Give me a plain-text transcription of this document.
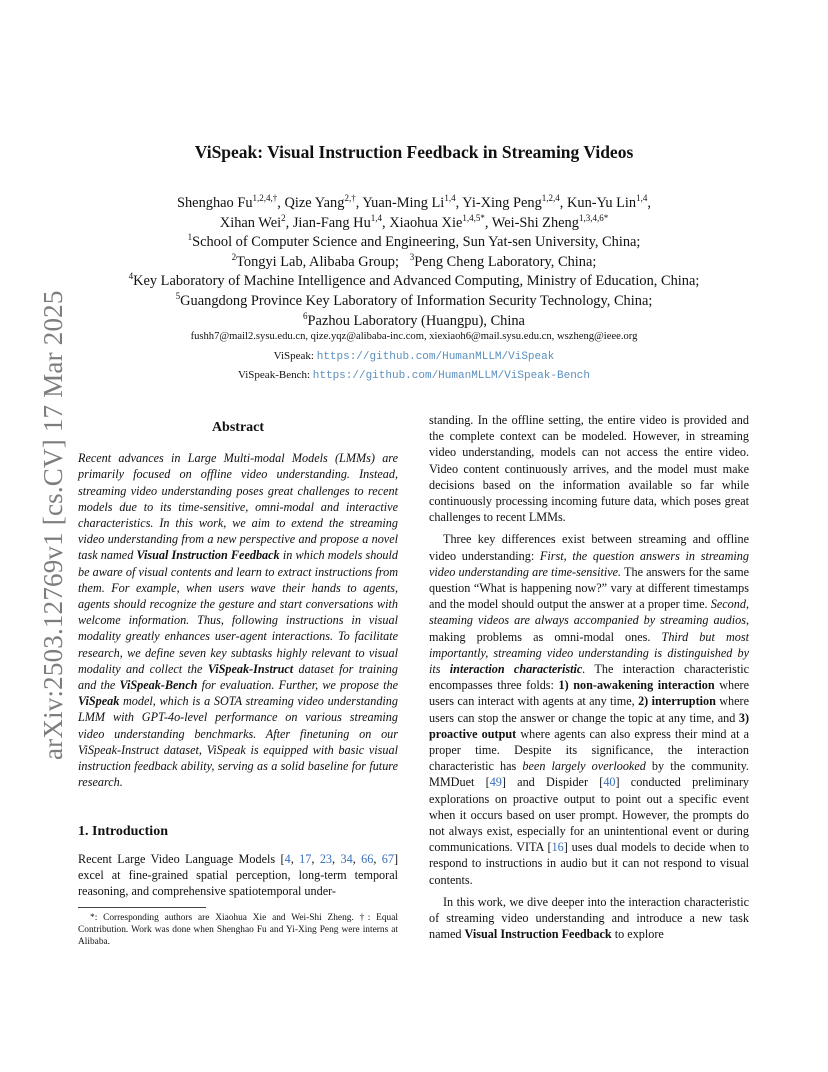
arXiv:2503.12769v1 [cs.CV] 17 Mar 2025
ViSpeak: Visual Instruction Feedback in Streaming Videos

Shenghao $Fu^{1,2,4,\dagger}$, Qize Yang$^{2,\dagger}$, Yuan-Ming Li$^{1,4}$, Yi-Xing Peng$^{1,2,4}$, Kun-Yu Lin$^{1,4}$,

Xihan Wei$^2$, Jian-Fang Hu$^{1,4}$, Xiaohua Xie$^{1,4,5*}$, Wei-Shi Zheng$^{1,3,4,6*}$

$^1$School of Computer Science and Engineering, Sun Yat-sen University, China;

$^2$Tongyi Lab, Alibaba Group;   $^3$Peng Cheng Laboratory, China;

$^4$Key Laboratory of Machine Intelligence and Advanced Computing, Ministry of Education, China;

$^5$Guangdong Province Key Laboratory of Information Security Technology, China;

$^6$Pazhou Laboratory (Huangpu), China

fushh7@mail2.sysu.edu.cn, qize.yqz@alibaba-inc.com, xiexiaoh6@mail.sysu.edu.cn, wszheng@ieee.org
ViSpeak: https://github.com/HumanMLLM/ViSpeak
ViSpeak-Bench: https://github.com/HumanMLLM/ViSpeak-Bench
Abstract

Recent advances in Large Multi-modal Models (LMMs) are primarily focused on offline video understanding. Instead, streaming video understanding poses great challenges to recent models due to its time-sensitive, omni-modal and interactive characteristics. In this work, we aim to extend the streaming video understanding from a new perspective and propose a novel task named Visual Instruction Feedback in which models should be aware of visual contents and learn to extract instructions from them. For example, when users wave their hands to agents, agents should recognize the gesture and start conversations with welcome information. Thus, following instructions in visual modality greatly enhances user-agent interactions. To facilitate research, we define seven key subtasks highly relevant to visual modality and collect the ViSpeak-Instruct dataset for training and the ViSpeak-Bench for evaluation. Further, we propose the ViSpeak model, which is a SOTA streaming video understanding LMM with GPT-4o-level performance on various streaming video understanding benchmarks. After finetuning on our ViSpeak-Instruct dataset, ViSpeak is equipped with basic visual instruction feedback ability, serving as a solid baseline for future research.

1. Introduction

Recent Large Video Language Models [4, 17, 23, 34, 66, 67] excel at fine-grained spatial perception, long-term temporal reasoning, and comprehensive spatiotemporal under-

*: Corresponding authors are Xiaohua Xie and Wei-Shi Zheng. †: Equal Contribution. Work was done when Shenghao Fu and Yi-Xing Peng were interns at Alibaba.

standing. In the offline setting, the entire video is provided and the complete context can be modeled. However, in streaming video understanding, models can not access the entire video. Video content continuously arrives, and the model must make decisions based on the information available so far while continuously processing incoming future data, which poses great challenges to recent LMMs.

Three key differences exist between streaming and offline video understanding: First, the question answers in streaming video understanding are time-sensitive. The answers for the same question “What is happening now?” vary at different timestamps and the model should output the answer at a proper time. Second, steaming videos are always accompanied by streaming audios, making problems as omni-modal ones. Third but most importantly, streaming video understanding is distinguished by its interaction characteristic. The interaction characteristic encompasses three folds: 1) non-awakening interaction where users can interact with agents at any time, 2) interruption where users can stop the answer or change the topic at any time, and 3) proactive output where agents can also express their mind at a proper time. Despite its significance, the interaction characteristic has been largely overlooked by the community. MMDuet [49] and Dispider [40] conducted preliminary explorations on proactive output to point out a specific event when it occurs based on user prompt. However, the prompts do not always exist, especially for an unintentional event or during communications. VITA [16] uses dual models to decide when to respond to instructions in audio but it can not respond to visual contents.

In this work, we dive deeper into the interaction characteristic of streaming video understanding and introduce a new task named Visual Instruction Feedback to explore
